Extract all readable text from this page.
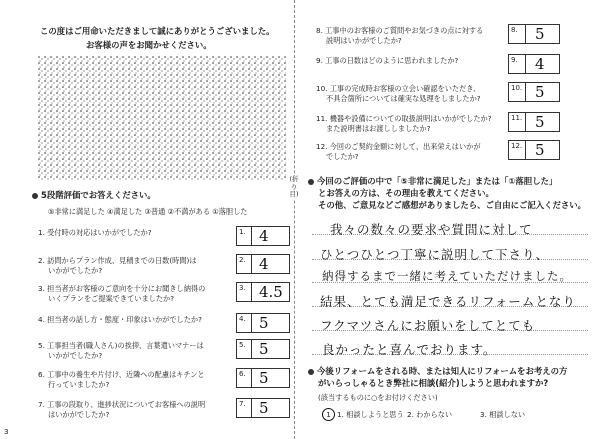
(折り目)
この度はご用命いただきまして誠にありがとうございました。
お客様の声をお聞かせください。
5段階評価でお答えください。
⑤非常に満足した ④満足した ③普通 ②不満がある ①落胆した
1. 受付時の対応はいかがでしたか?	1. 4
2. 訪問からプラン作成、見積までの日数(時間)は
いかがでしたか?
2. 4
3. 担当者がお客様のご意向を十分にお聞きし納得の
いくプランをご提案できていましたか?
3. 4.5
4. 担当者の話し方・態度・印象はいかがでしたか?	4. 5
5. 工事担当者(職人さん)の挨拶、言葉遣いマナーは
いかがでしたか?
5. 5
6. 工事中の養生や片付け、近隣への配慮はキチンと
行っていましたか?
6. 5
7. 工事の段取り、進捗状況についてお客様への説明
はいかがでしたか?
7. 5
3
8. 工事中のお客様のご質問やお気づきの点に対する
説明はいかがでしたか?
8. 5
9. 工事の日数はどのように思われましたか?	9. 4
10. 工事の完成時お客様の立会い確認をいただき、
不具合箇所については確実な処理をしましたか?
10. 5
11. 機器や設備についての取扱説明はいかがでしたか?
また説明書はお渡ししましたか?
11. 5
12. 今回のご契約金額に対して、出来栄えはいかが
でしたか?
12. 5
今回のご評価の中で「⑤非常に満足した」または「①落胆した」
とお答えの方は、その理由を教えてください。
その他、ご意見などご感想がありましたら、ご自由にご記入ください。
我々の数々の要求や質問に対して
ひとつひとつ丁寧に説明して下さり、
納得するまで一緒に考えていただけました。
結果、とても満足できるリフォームとなり
フクマツさんにお願いをしてとても
良かったと喜んでおります。
今後リフォームをされる時、または知人にリフォームをお考えの方
がいらっしゃるとき弊社に相談(紹介)しようと思われますか?
(該当するものに○をお付けください)
1 1. 相談しようと思う 2. わからない	3. 相談しない
